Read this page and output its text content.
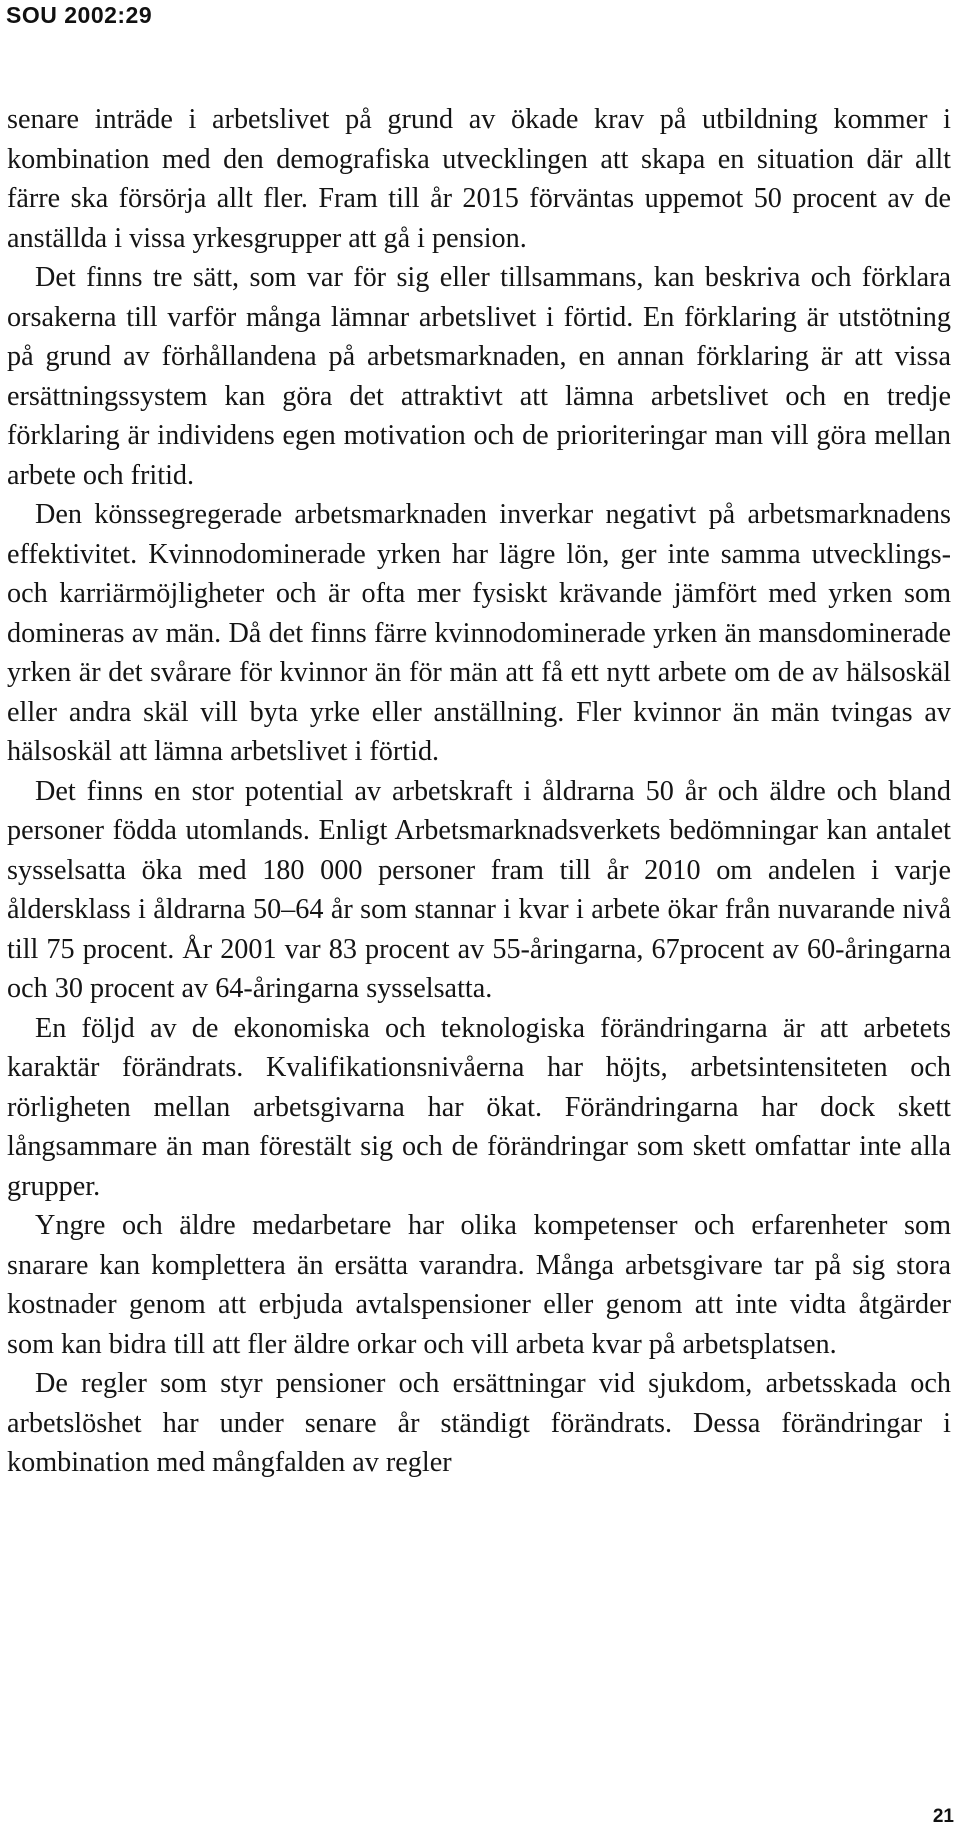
SOU 2002:29

senare inträde i arbetslivet på grund av ökade krav på utbildning kommer i kombination med den demografiska utvecklingen att skapa en situation där allt färre ska försörja allt fler. Fram till år 2015 förväntas uppemot 50 procent av de anställda i vissa yrkesgrupper att gå i pension.

Det finns tre sätt, som var för sig eller tillsammans, kan beskriva och förklara orsakerna till varför många lämnar arbetslivet i förtid. En förklaring är utstötning på grund av förhållandena på arbetsmarknaden, en annan förklaring är att vissa ersättningssystem kan göra det attraktivt att lämna arbetslivet och en tredje förklaring är individens egen motivation och de prioriteringar man vill göra mellan arbete och fritid.

Den könssegregerade arbetsmarknaden inverkar negativt på arbetsmarknadens effektivitet. Kvinnodominerade yrken har lägre lön, ger inte samma utvecklings- och karriärmöjligheter och är ofta mer fysiskt krävande jämfört med yrken som domineras av män. Då det finns färre kvinnodominerade yrken än mansdominerade yrken är det svårare för kvinnor än för män att få ett nytt arbete om de av hälsoskäl eller andra skäl vill byta yrke eller anställning. Fler kvinnor än män tvingas av hälsoskäl att lämna arbetslivet i förtid.

Det finns en stor potential av arbetskraft i åldrarna 50 år och äldre och bland personer födda utomlands. Enligt Arbetsmarknadsverkets bedömningar kan antalet sysselsatta öka med 180 000 personer fram till år 2010 om andelen i varje åldersklass i åldrarna 50–64 år som stannar i kvar i arbete ökar från nuvarande nivå till 75 procent. År 2001 var 83 procent av 55-åringarna, 67procent av 60-åringarna och 30 procent av 64-åringarna sysselsatta.

En följd av de ekonomiska och teknologiska förändringarna är att arbetets karaktär förändrats. Kvalifikationsnivåerna har höjts, arbetsintensiteten och rörligheten mellan arbetsgivarna har ökat. Förändringarna har dock skett långsammare än man förestält sig och de förändringar som skett omfattar inte alla grupper.

Yngre och äldre medarbetare har olika kompetenser och erfarenheter som snarare kan komplettera än ersätta varandra. Många arbetsgivare tar på sig stora kostnader genom att erbjuda avtalspensioner eller genom att inte vidta åtgärder som kan bidra till att fler äldre orkar och vill arbeta kvar på arbetsplatsen.

De regler som styr pensioner och ersättningar vid sjukdom, arbetsskada och arbetslöshet har under senare år ständigt förändrats. Dessa förändringar i kombination med mångfalden av regler

21
